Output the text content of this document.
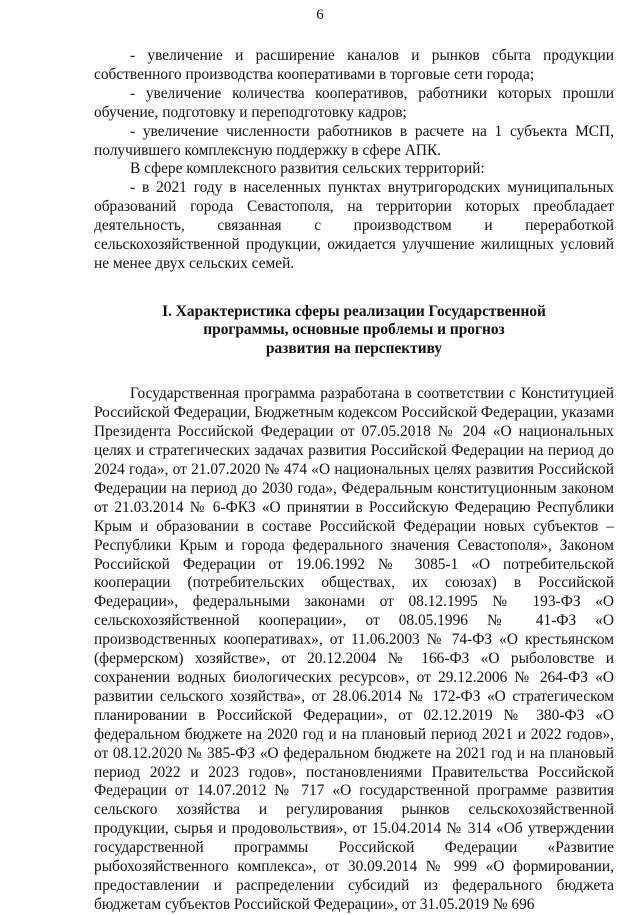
6

- увеличение и расширение каналов и рынков сбыта продукции собственного производства кооперативами в торговые сети города;

- увеличение количества кооперативов, работники которых прошли обучение, подготовку и переподготовку кадров;

- увеличение численности работников в расчете на 1 субъекта МСП, получившего комплексную поддержку в сфере АПК.

В сфере комплексного развития сельских территорий:

- в 2021 году в населенных пунктах внутригородских муниципальных образований города Севастополя, на территории которых преобладает деятельность, связанная с производством и переработкой сельскохозяйственной продукции, ожидается улучшение жилищных условий не менее двух сельских семей.

I. Характеристика сферы реализации Государственной
программы, основные проблемы и прогноз
развития на перспективу

Государственная программа разработана в соответствии с Конституцией Российской Федерации, Бюджетным кодексом Российской Федерации, указами Президента Российской Федерации от 07.05.2018 № 204 «О национальных целях и стратегических задачах развития Российской Федерации на период до 2024 года», от 21.07.2020 № 474 «О национальных целях развития Российской Федерации на период до 2030 года», Федеральным конституционным законом от 21.03.2014 № 6-ФКЗ «О принятии в Российскую Федерацию Республики Крым и образовании в составе Российской Федерации новых субъектов – Республики Крым и города федерального значения Севастополя», Законом Российской Федерации от 19.06.1992 № 3085-1 «О потребительской кооперации (потребительских обществах, их союзах) в Российской Федерации», федеральными законами от 08.12.1995 № 193-ФЗ «О сельскохозяйственной кооперации», от 08.05.1996 № 41-ФЗ «О производственных кооперативах», от 11.06.2003 № 74-ФЗ «О крестьянском (фермерском) хозяйстве», от 20.12.2004 № 166-ФЗ «О рыболовстве и сохранении водных биологических ресурсов», от 29.12.2006 № 264-ФЗ «О развитии сельского хозяйства», от 28.06.2014 № 172-ФЗ «О стратегическом планировании в Российской Федерации», от 02.12.2019 № 380-ФЗ «О федеральном бюджете на 2020 год и на плановый период 2021 и 2022 годов», от 08.12.2020 № 385-ФЗ «О федеральном бюджете на 2021 год и на плановый период 2022 и 2023 годов», постановлениями Правительства Российской Федерации от 14.07.2012 № 717 «О государственной программе развития сельского хозяйства и регулирования рынков сельскохозяйственной продукции, сырья и продовольствия», от 15.04.2014 № 314 «Об утверждении государственной программы Российской Федерации «Развитие рыбохозяйственного комплекса», от 30.09.2014 № 999 «О формировании, предоставлении и распределении субсидий из федерального бюджета бюджетам субъектов Российской Федерации», от 31.05.2019 № 696
